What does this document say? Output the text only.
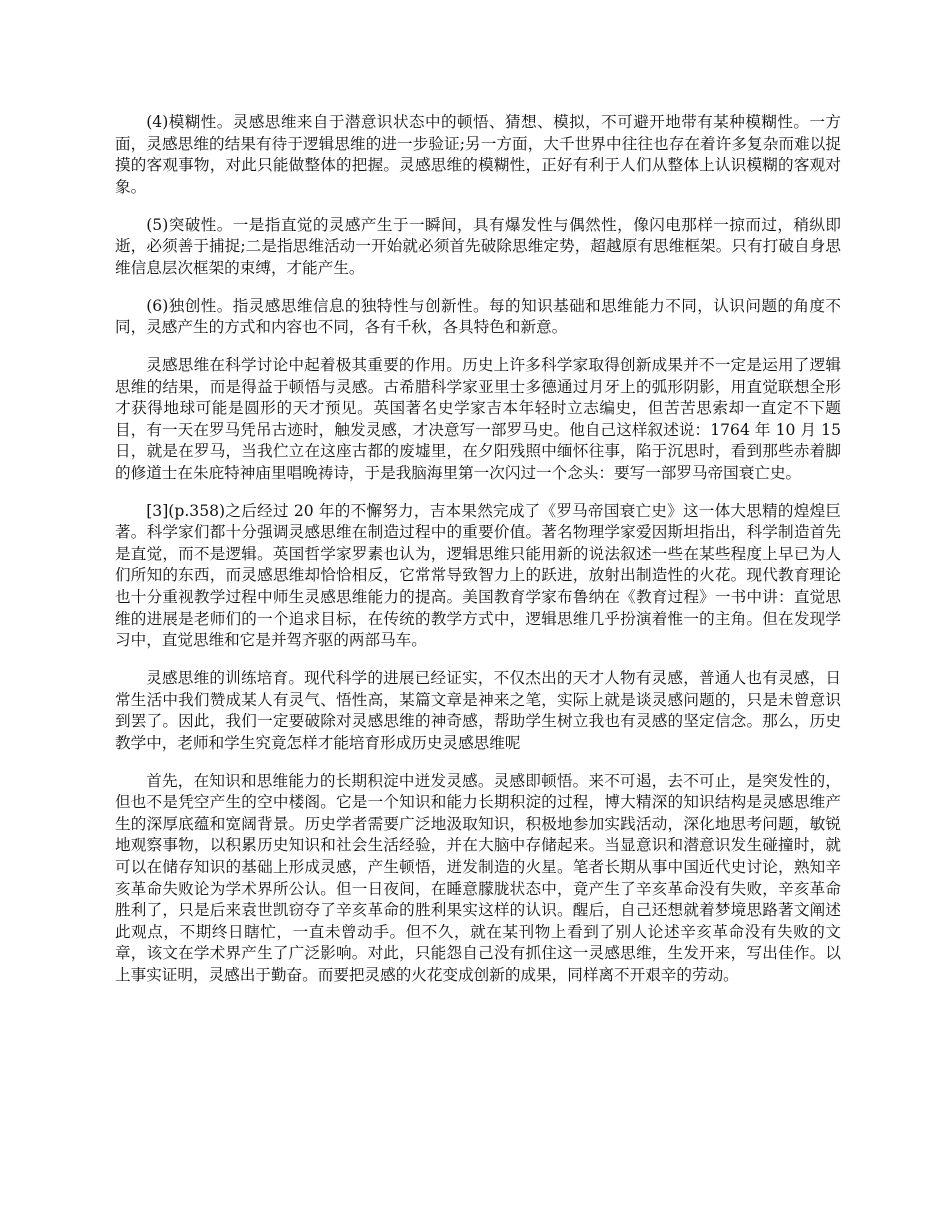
(4)模糊性。灵感思维来自于潜意识状态中的顿悟、猜想、模拟，不可避开地带有某种模糊性。一方面，灵感思维的结果有待于逻辑思维的进一步验证;另一方面，大千世界中往往也存在着许多复杂而难以捉摸的客观事物，对此只能做整体的把握。灵感思维的模糊性，正好有利于人们从整体上认识模糊的客观对象。

(5)突破性。一是指直觉的灵感产生于一瞬间，具有爆发性与偶然性，像闪电那样一掠而过，稍纵即逝，必须善于捕捉;二是指思维活动一开始就必须首先破除思维定势，超越原有思维框架。只有打破自身思维信息层次框架的束缚，才能产生。

(6)独创性。指灵感思维信息的独特性与创新性。每的知识基础和思维能力不同，认识问题的角度不同，灵感产生的方式和内容也不同，各有千秋，各具特色和新意。

灵感思维在科学讨论中起着极其重要的作用。历史上许多科学家取得创新成果并不一定是运用了逻辑思维的结果，而是得益于顿悟与灵感。古希腊科学家亚里士多德通过月牙上的弧形阴影，用直觉联想全形才获得地球可能是圆形的天才预见。英国著名史学家吉本年轻时立志编史，但苦苦思索却一直定不下题目，有一天在罗马凭吊古迹时，触发灵感，才决意写一部罗马史。他自己这样叙述说：1764 年 10 月 15 日，就是在罗马，当我伫立在这座古都的废墟里，在夕阳残照中缅怀往事，陷于沉思时，看到那些赤着脚的修道士在朱庇特神庙里唱晚祷诗，于是我脑海里第一次闪过一个念头：要写一部罗马帝国衰亡史。

[3](p.358)之后经过 20 年的不懈努力，吉本果然完成了《罗马帝国衰亡史》这一体大思精的煌煌巨著。科学家们都十分强调灵感思维在制造过程中的重要价值。著名物理学家爱因斯坦指出，科学制造首先是直觉，而不是逻辑。英国哲学家罗素也认为，逻辑思维只能用新的说法叙述一些在某些程度上早已为人们所知的东西，而灵感思维却恰恰相反，它常常导致智力上的跃进，放射出制造性的火花。现代教育理论也十分重视教学过程中师生灵感思维能力的提高。美国教育学家布鲁纳在《教育过程》一书中讲：直觉思维的进展是老师们的一个追求目标，在传统的教学方式中，逻辑思维几乎扮演着惟一的主角。但在发现学习中，直觉思维和它是并驾齐驱的两部马车。

灵感思维的训练培育。现代科学的进展已经证实，不仅杰出的天才人物有灵感，普通人也有灵感，日常生活中我们赞成某人有灵气、悟性高，某篇文章是神来之笔，实际上就是谈灵感问题的，只是未曾意识到罢了。因此，我们一定要破除对灵感思维的神奇感，帮助学生树立我也有灵感的坚定信念。那么，历史教学中，老师和学生究竟怎样才能培育形成历史灵感思维呢

首先，在知识和思维能力的长期积淀中迸发灵感。灵感即顿悟。来不可遏，去不可止，是突发性的，但也不是凭空产生的空中楼阁。它是一个知识和能力长期积淀的过程，博大精深的知识结构是灵感思维产生的深厚底蕴和宽阔背景。历史学者需要广泛地汲取知识，积极地参加实践活动，深化地思考问题，敏锐地观察事物，以积累历史知识和社会生活经验，并在大脑中存储起来。当显意识和潜意识发生碰撞时，就可以在储存知识的基础上形成灵感，产生顿悟，迸发制造的火星。笔者长期从事中国近代史讨论，熟知辛亥革命失败论为学术界所公认。但一日夜间，在睡意朦胧状态中，竟产生了辛亥革命没有失败，辛亥革命胜利了，只是后来袁世凯窃夺了辛亥革命的胜利果实这样的认识。醒后，自己还想就着梦境思路著文阐述此观点，不期终日瞎忙，一直未曾动手。但不久，就在某刊物上看到了别人论述辛亥革命没有失败的文章，该文在学术界产生了广泛影响。对此，只能怨自己没有抓住这一灵感思维，生发开来，写出佳作。以上事实证明，灵感出于勤奋。而要把灵感的火花变成创新的成果，同样离不开艰辛的劳动。
